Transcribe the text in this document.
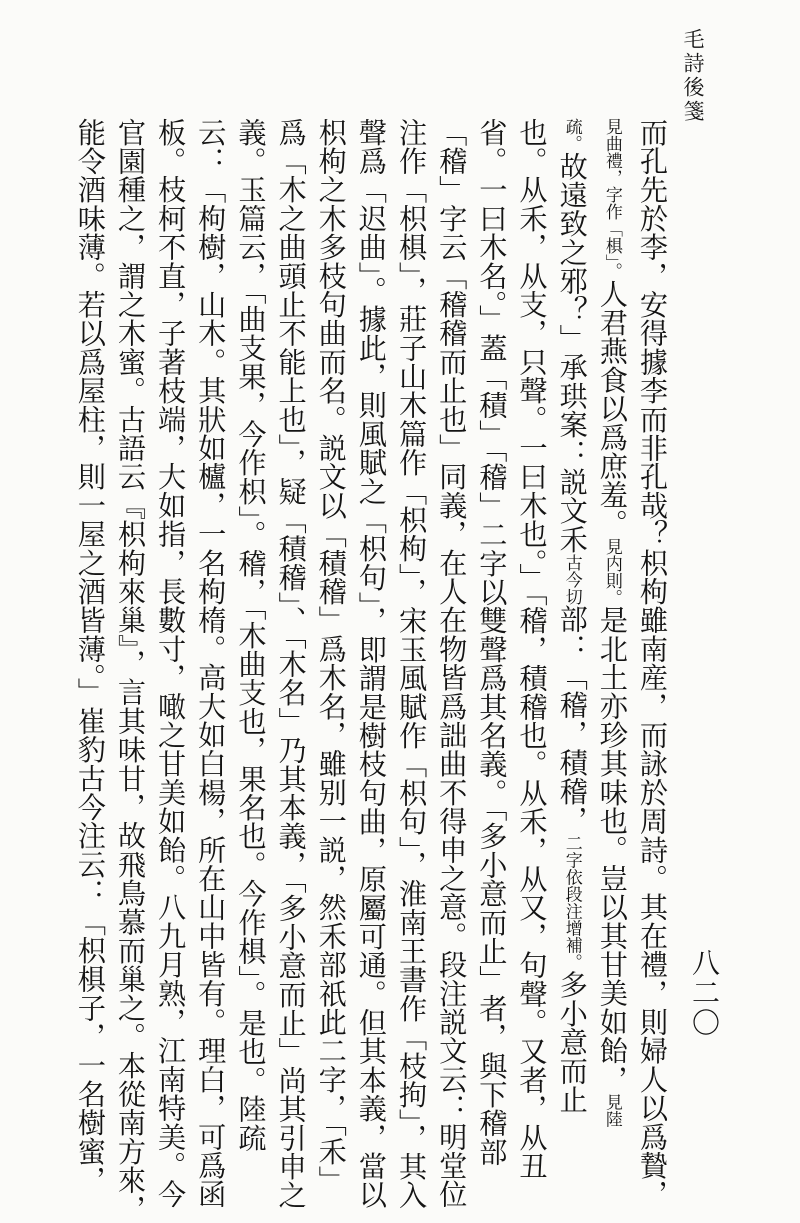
毛詩後箋
八二〇
而孔先於李，安得據李而非孔哉？枳枸雖南産，而詠於周詩。其在禮，則婦人以爲贄，
見曲禮，字作「椇」。人君燕食以爲庶羞。見内則。是北土亦珍其味也。豈以其甘美如飴，見陸
疏。故遠致之邪？」承珙案：説文禾古今切部：「稽，積稽，二字依段注增補。多小意而止
也。从禾，从支，只聲。一曰木也。」「稽，積稽也。从禾，从又，句聲。又者，从丑
省。一曰木名。」蓋「積」「稽」二字以雙聲爲其名義。「多小意而止」者，與下稽部
「稽」字云「稽稽而止也」同義，在人在物皆爲詘曲不得申之意。段注説文云：明堂位
注作「枳椇」，莊子山木篇作「枳枸」，宋玉風賦作「枳句」，淮南王書作「枝拘」，其入
聲爲「迟曲」。據此，則風賦之「枳句」，即謂是樹枝句曲，原屬可通。但其本義，當以
枳枸之木多枝句曲而名。説文以「積稽」爲木名，雖别一説，然禾部祇此二字，「禾」
爲「木之曲頭止不能上也」，疑「積稽」、「木名」乃其本義，「多小意而止」尚其引申之
義。玉篇云，「曲支果，今作枳」。稽，「木曲支也，果名也。今作椇」。是也。陸疏
云：「枸樹，山木。其狀如櫨，一名枸楕。高大如白楊，所在山中皆有。理白，可爲函
板。枝柯不直，子著枝端，大如指，長數寸，噉之甘美如飴。八九月熟，江南特美。今
官園種之，謂之木蜜。古語云『枳枸來巢』，言其味甘，故飛鳥慕而巢之。本從南方來，
能令酒味薄。若以爲屋柱，則一屋之酒皆薄。」崔豹古今注云：「枳椇子，一名樹蜜，
